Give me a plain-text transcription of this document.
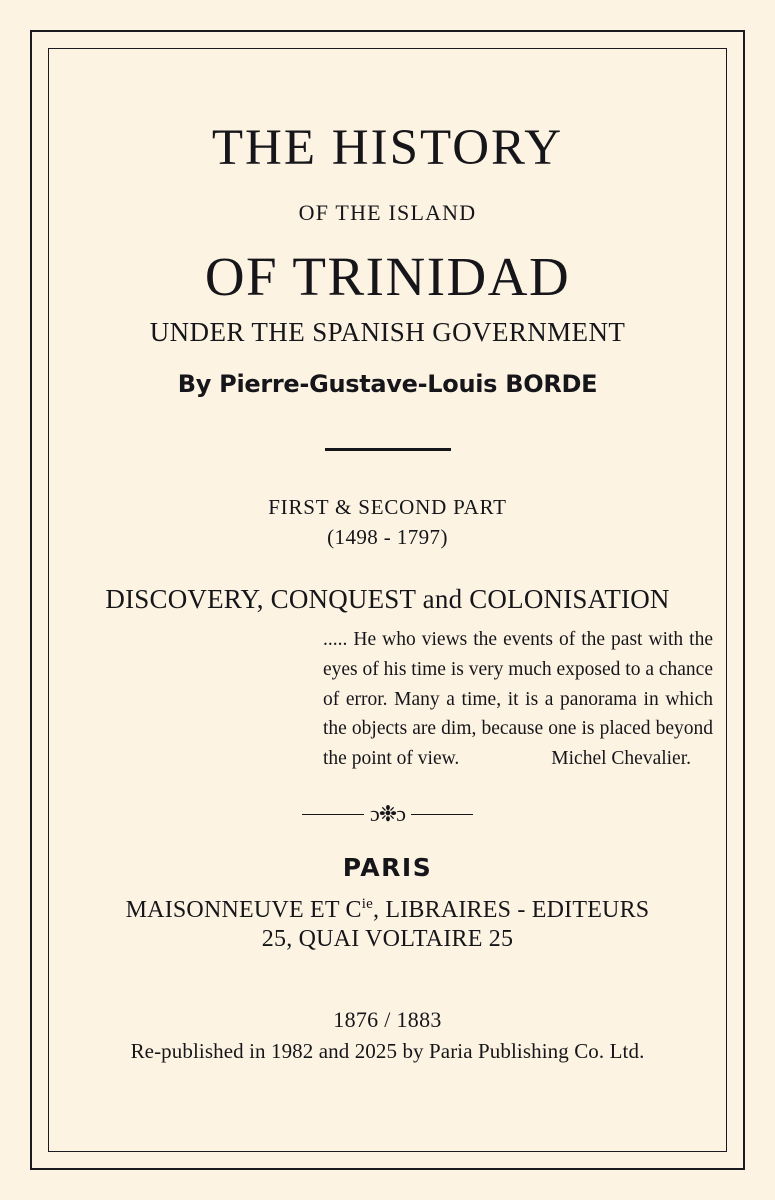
THE HISTORY
OF THE ISLAND
OF TRINIDAD
UNDER THE SPANISH GOVERNMENT
By Pierre-Gustave-Louis BORDE
FIRST & SECOND PART
(1498 - 1797)
DISCOVERY, CONQUEST and COLONISATION
..... He who views the events of the past with the eyes of his time is very much exposed to a chance of error. Many a time, it is a panorama in which the objects are dim, because one is placed beyond the point of view.	Michel Chevalier.
ɔ❉ɔ
PARIS
MAISONNEUVE ET $C^{ie}$, LIBRAIRES - EDITEURS
25, QUAI VOLTAIRE 25
1876 / 1883
Re-published in 1982 and 2025 by Paria Publishing Co. Ltd.
